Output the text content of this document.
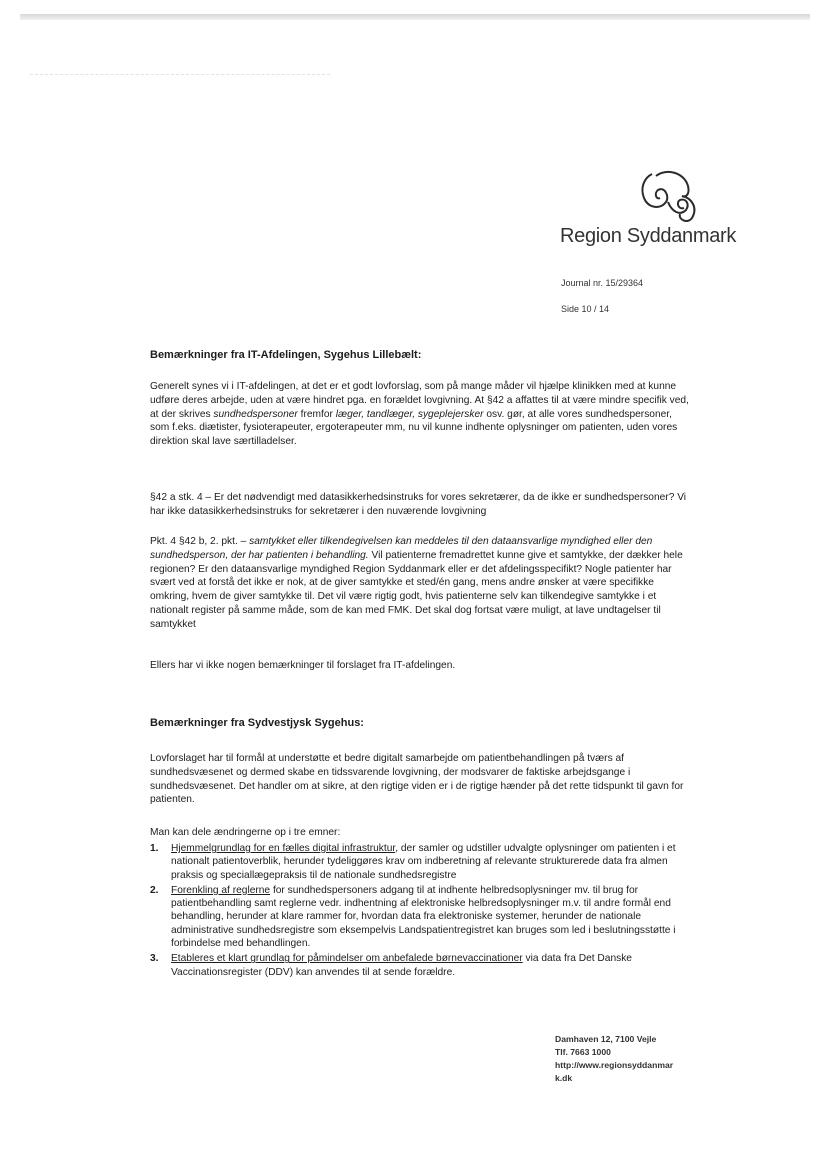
Region Syddanmark
Journal nr. 15/29364
Side 10 / 14
Bemærkninger fra IT-Afdelingen, Sygehus Lillebælt:

Generelt synes vi i IT-afdelingen, at det er et godt lovforslag, som på mange måder vil hjælpe klinikken med at kunne udføre deres arbejde, uden at være hindret pga. en forældet lovgivning. At §42 a affattes til at være mindre specifik ved, at der skrives sundhedspersoner fremfor læger, tandlæger, sygeplejersker osv. gør, at alle vores sundhedspersoner, som f.eks. diætister, fysioterapeuter, ergoterapeuter mm, nu vil kunne indhente oplysninger om patienten, uden vores direktion skal lave særtilladelser.

§42 a stk. 4 – Er det nødvendigt med datasikkerhedsinstruks for vores sekretærer, da de ikke er sundhedspersoner? Vi har ikke datasikkerhedsinstruks for sekretærer i den nuværende lovgivning

Pkt. 4 §42 b, 2. pkt. – samtykket eller tilkendegivelsen kan meddeles til den dataansvarlige myndighed eller den sundhedsperson, der har patienten i behandling. Vil patienterne fremadrettet kunne give et samtykke, der dækker hele regionen? Er den dataansvarlige myndighed Region Syddanmark eller er det afdelingsspecifikt? Nogle patienter har svært ved at forstå det ikke er nok, at de giver samtykke et sted/én gang, mens andre ønsker at være specifikke omkring, hvem de giver samtykke til. Det vil være rigtig godt, hvis patienterne selv kan tilkendegive samtykke i et nationalt register på samme måde, som de kan med FMK. Det skal dog fortsat være muligt, at lave undtagelser til samtykket

Ellers har vi ikke nogen bemærkninger til forslaget fra IT-afdelingen.
Bemærkninger fra Sydvestjysk Sygehus:
Lovforslaget har til formål at understøtte et bedre digitalt samarbejde om patientbehandlingen på tværs af sundhedsvæsenet og dermed skabe en tidssvarende lovgivning, der modsvarer de faktiske arbejdsgange i sundhedsvæsenet. Det handler om at sikre, at den rigtige viden er i de rigtige hænder på det rette tidspunkt til gavn for patienten.
Man kan dele ændringerne op i tre emner:
1. Hjemmelgrundlag for en fælles digital infrastruktur, der samler og udstiller udvalgte oplysninger om patienten i et nationalt patientoverblik, herunder tydeliggøres krav om indberetning af relevante strukturerede data fra almen praksis og speciallægepraksis til de nationale sundhedsregistre
2. Forenkling af reglerne for sundhedspersoners adgang til at indhente helbredsoplysninger mv. til brug for patientbehandling samt reglerne vedr. indhentning af elektroniske helbredsoplysninger m.v. til andre formål end behandling, herunder at klare rammer for, hvordan data fra elektroniske systemer, herunder de nationale administrative sundhedsregistre som eksempelvis Landspatientregistret kan bruges som led i beslutningsstøtte i forbindelse med behandlingen.
3. Etableres et klart grundlag for påmindelser om anbefalede børnevaccinationer via data fra Det Danske Vaccinationsregister (DDV) kan anvendes til at sende forældre.
Damhaven 12, 7100 Vejle
Tlf. 7663 1000
http://www.regionsyddanmark.dk
